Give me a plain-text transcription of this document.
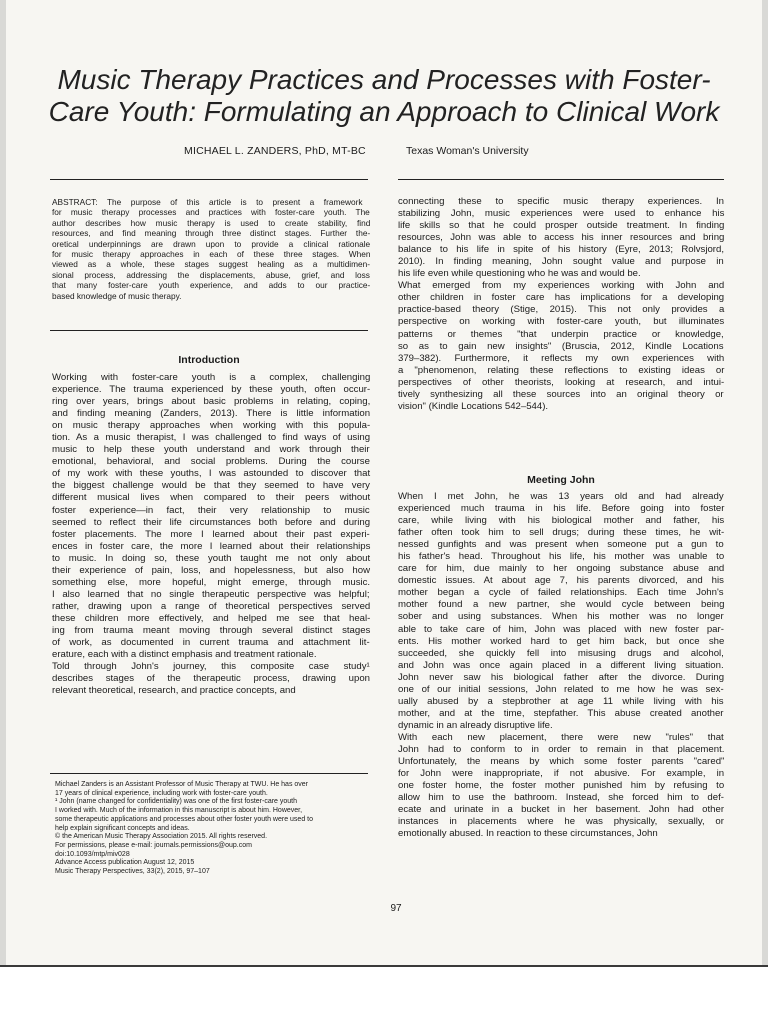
Music Therapy Practices and Processes with Foster-
Care Youth: Formulating an Approach to Clinical Work
MICHAEL L. ZANDERS, PhD, MT-BC	Texas Woman's University
ABSTRACT: The purpose of this article is to present a framework
for music therapy processes and practices with foster-care youth. The
author describes how music therapy is used to create stability, find
resources, and find meaning through three distinct stages. Further the-
oretical underpinnings are drawn upon to provide a clinical rationale
for music therapy approaches in each of these three stages. When
viewed as a whole, these stages suggest healing as a multidimen-
sional process, addressing the displacements, abuse, grief, and loss
that many foster-care youth experience, and adds to our practice-
based knowledge of music therapy.
Introduction
Working with foster-care youth is a complex, challenging
experience. The trauma experienced by these youth, often occur-
ring over years, brings about basic problems in relating, coping,
and finding meaning (Zanders, 2013). There is little information
on music therapy approaches when working with this popula-
tion. As a music therapist, I was challenged to find ways of using
music to help these youth understand and work through their
emotional, behavioral, and social problems. During the course
of my work with these youths, I was astounded to discover that
the biggest challenge would be that they seemed to have very
different musical lives when compared to their peers without
foster experience—in fact, their very relationship to music
seemed to reflect their life circumstances both before and during
foster placements. The more I learned about their past experi-
ences in foster care, the more I learned about their relationships
to music. In doing so, these youth taught me not only about
their experience of pain, loss, and hopelessness, but also how
something else, more hopeful, might emerge, through music.
I also learned that no single therapeutic perspective was helpful;
rather, drawing upon a range of theoretical perspectives served
these children more effectively, and helped me see that heal-
ing from trauma meant moving through several distinct stages
of work, as documented in current trauma and attachment lit-
erature, each with a distinct emphasis and treatment rationale.
Told through John's journey, this composite case study¹
describes stages of the therapeutic process, drawing upon
relevant theoretical, research, and practice concepts, and
Michael Zanders is an Assistant Professor of Music Therapy at TWU. He has over
17 years of clinical experience, including work with foster-care youth.
¹ John (name changed for confidentiality) was one of the first foster-care youth
I worked with. Much of the information in this manuscript is about him. However,
some therapeutic applications and processes about other foster youth were used to
help explain significant concepts and ideas.
© the American Music Therapy Association 2015. All rights reserved.
For permissions, please e-mail: journals.permissions@oup.com
doi:10.1093/mtp/miv028
Advance Access publication August 12, 2015
Music Therapy Perspectives, 33(2), 2015, 97–107
connecting these to specific music therapy experiences. In
stabilizing John, music experiences were used to enhance his
life skills so that he could prosper outside treatment. In finding
resources, John was able to access his inner resources and bring
balance to his life in spite of his history (Eyre, 2013; Rolvsjord,
2010). In finding meaning, John sought value and purpose in
his life even while questioning who he was and would be.
What emerged from my experiences working with John and
other children in foster care has implications for a developing
practice-based theory (Stige, 2015). This not only provides a
perspective on working with foster-care youth, but illuminates
patterns or themes "that underpin practice or knowledge,
so as to gain new insights" (Bruscia, 2012, Kindle Locations
379–382). Furthermore, it reflects my own experiences with
a "phenomenon, relating these reflections to existing ideas or
perspectives of other theorists, looking at research, and intui-
tively synthesizing all these sources into an original theory or
vision" (Kindle Locations 542–544).
Meeting John
When I met John, he was 13 years old and had already
experienced much trauma in his life. Before going into foster
care, while living with his biological mother and father, his
father often took him to sell drugs; during these times, he wit-
nessed gunfights and was present when someone put a gun to
his father's head. Throughout his life, his mother was unable to
care for him, due mainly to her ongoing substance abuse and
domestic issues. At about age 7, his parents divorced, and his
mother began a cycle of failed relationships. Each time John's
mother found a new partner, she would cycle between being
sober and using substances. When his mother was no longer
able to take care of him, John was placed with new foster par-
ents. His mother worked hard to get him back, but once she
succeeded, she quickly fell into misusing drugs and alcohol,
and John was once again placed in a different living situation.
John never saw his biological father after the divorce. During
one of our initial sessions, John related to me how he was sex-
ually abused by a stepbrother at age 11 while living with his
mother, and at the time, stepfather. This abuse created another
dynamic in an already disruptive life.
With each new placement, there were new "rules" that
John had to conform to in order to remain in that placement.
Unfortunately, the means by which some foster parents "cared"
for John were inappropriate, if not abusive. For example, in
one foster home, the foster mother punished him by refusing to
allow him to use the bathroom. Instead, she forced him to def-
ecate and urinate in a bucket in her basement. John had other
instances in placements where he was physically, sexually, or
emotionally abused. In reaction to these circumstances, John
97
